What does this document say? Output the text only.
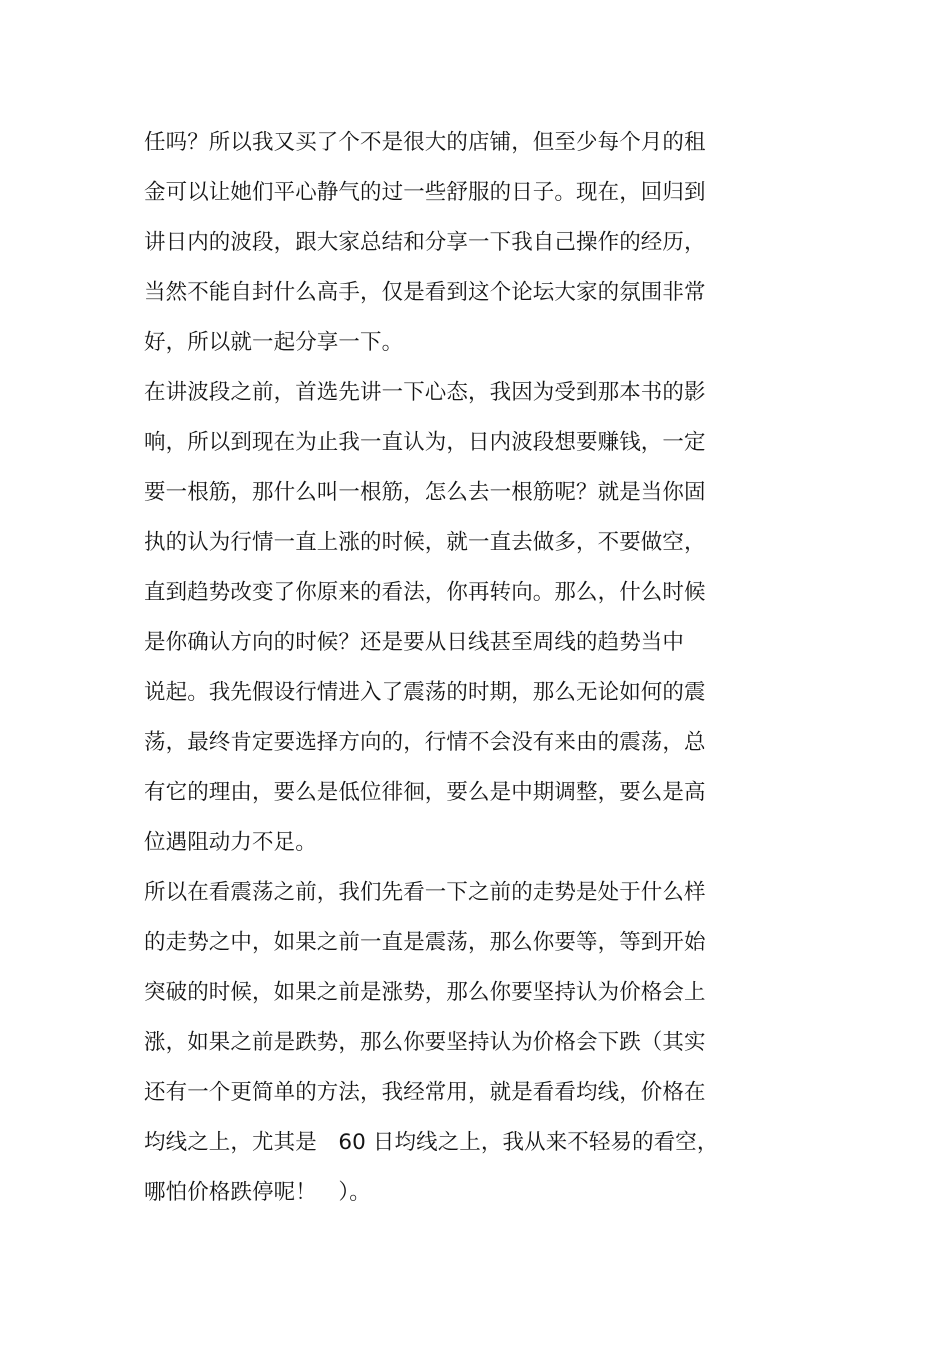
任吗？所以我又买了个不是很大的店铺，但至少每个月的租
金可以让她们平心静气的过一些舒服的日子。现在，回归到
讲日内的波段，跟大家总结和分享一下我自己操作的经历，
当然不能自封什么高手，仅是看到这个论坛大家的氛围非常
好，所以就一起分享一下。
在讲波段之前，首选先讲一下心态，我因为受到那本书的影
响，所以到现在为止我一直认为，日内波段想要赚钱，一定
要一根筋，那什么叫一根筋，怎么去一根筋呢？就是当你固
执的认为行情一直上涨的时候，就一直去做多，不要做空，
直到趋势改变了你原来的看法，你再转向。那么，什么时候
是你确认方向的时候？还是要从日线甚至周线的趋势当中
说起。我先假设行情进入了震荡的时期，那么无论如何的震
荡，最终肯定要选择方向的，行情不会没有来由的震荡，总
有它的理由，要么是低位徘徊，要么是中期调整，要么是高
位遇阻动力不足。
所以在看震荡之前，我们先看一下之前的走势是处于什么样
的走势之中，如果之前一直是震荡，那么你要等，等到开始
突破的时候，如果之前是涨势，那么你要坚持认为价格会上
涨，如果之前是跌势，那么你要坚持认为价格会下跌（其实
还有一个更简单的方法，我经常用，就是看看均线，价格在
均线之上，尤其是　60 日均线之上，我从来不轻易的看空，
哪怕价格跌停呢！　）。
